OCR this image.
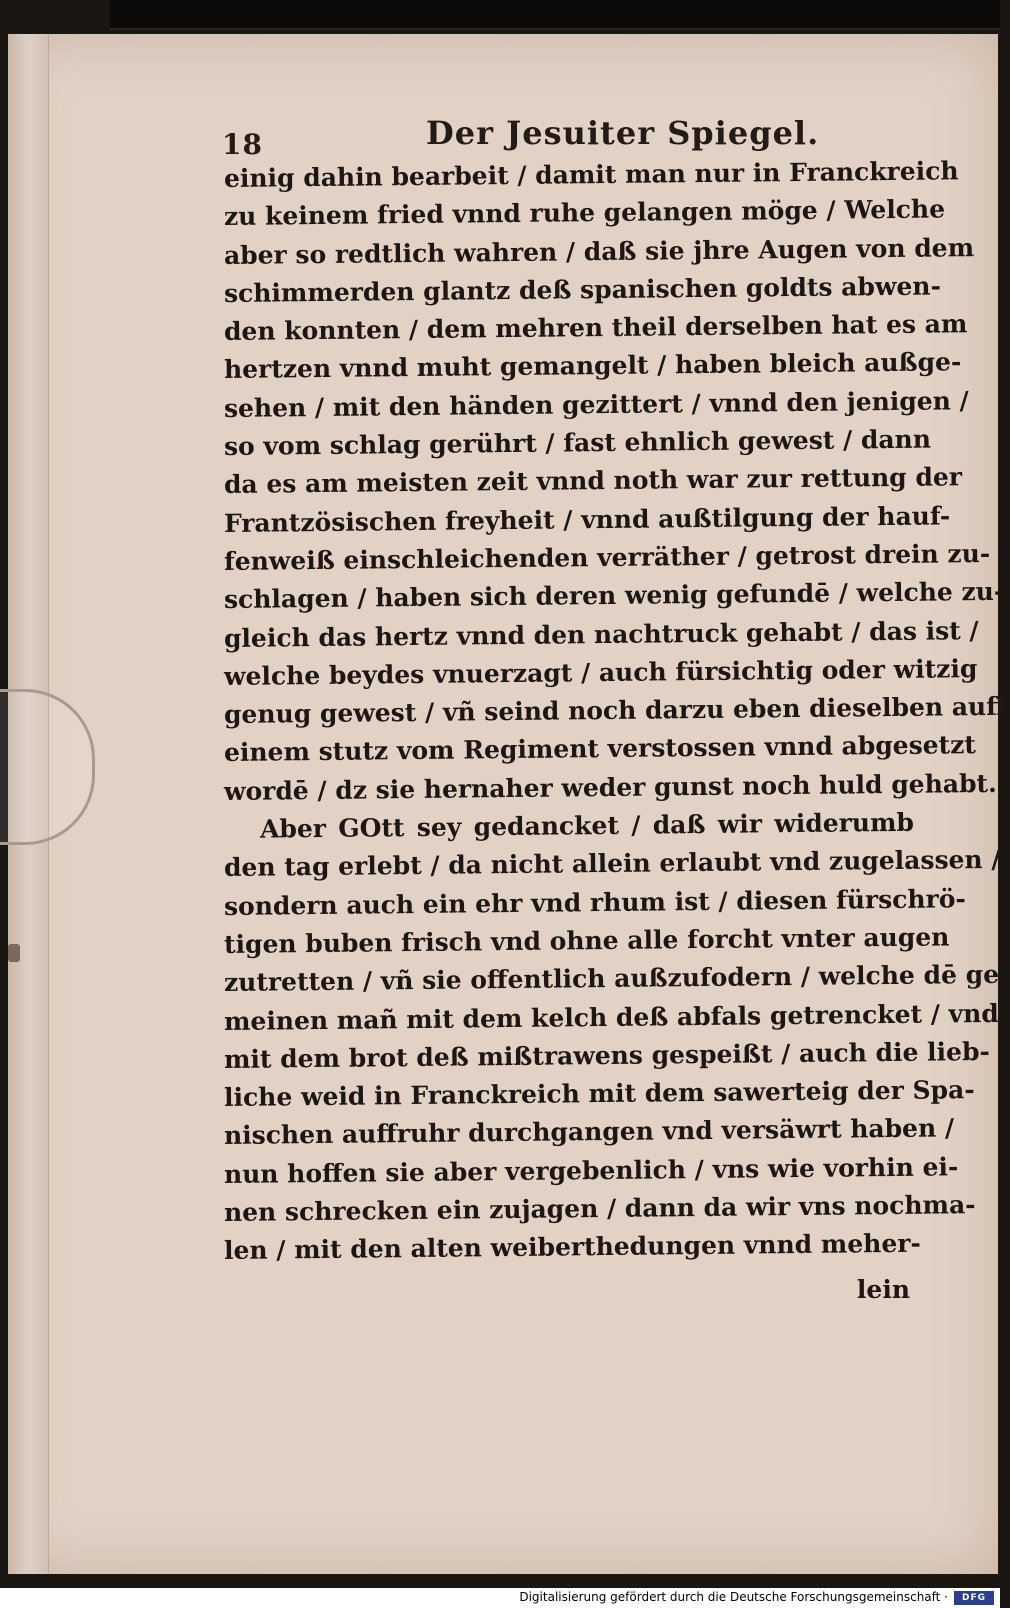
18	Der Jesuiter Spiegel.
einig dahin bearbeit / damit man nur in Franckreich
zu keinem fried vnnd ruhe gelangen möge / Welche
aber so redtlich wahren / daß sie jhre Augen von dem
schimmerden glantz deß spanischen goldts abwen-
den konnten / dem mehren theil derselben hat es am
hertzen vnnd muht gemangelt / haben bleich außge-
sehen / mit den händen gezittert / vnnd den jenigen /
so vom schlag gerührt / fast ehnlich gewest / dann
da es am meisten zeit vnnd noth war zur rettung der
Frantzösischen freyheit / vnnd außtilgung der hauf-
fenweiß einschleichenden verräther / getrost drein zu-
schlagen / haben sich deren wenig gefundē / welche zu-
gleich das hertz vnnd den nachtruck gehabt / das ist /
welche beydes vnuerzagt / auch fürsichtig oder witzig
genug gewest / vñ seind noch darzu eben dieselben auff
einem stutz vom Regiment verstossen vnnd abgesetzt
wordē / dz sie hernaher weder gunst noch huld gehabt.
Aber GOtt sey gedancket / daß wir widerumb
den tag erlebt / da nicht allein erlaubt vnd zugelassen /
sondern auch ein ehr vnd rhum ist / diesen fürschrö-
tigen buben frisch vnd ohne alle forcht vnter augen
zutretten / vñ sie offentlich außzufodern / welche dē ge-
meinen mañ mit dem kelch deß abfals getrencket / vnd
mit dem brot deß mißtrawens gespeißt / auch die lieb-
liche weid in Franckreich mit dem sawerteig der Spa-
nischen auffruhr durchgangen vnd versäwrt haben /
nun hoffen sie aber vergebenlich / vns wie vorhin ei-
nen schrecken ein zujagen / dann da wir vns nochma-
len / mit den alten weiberthedungen vnnd meher-
lein
Digitalisierung gefördert durch die Deutsche Forschungsgemeinschaft ·	DFG
